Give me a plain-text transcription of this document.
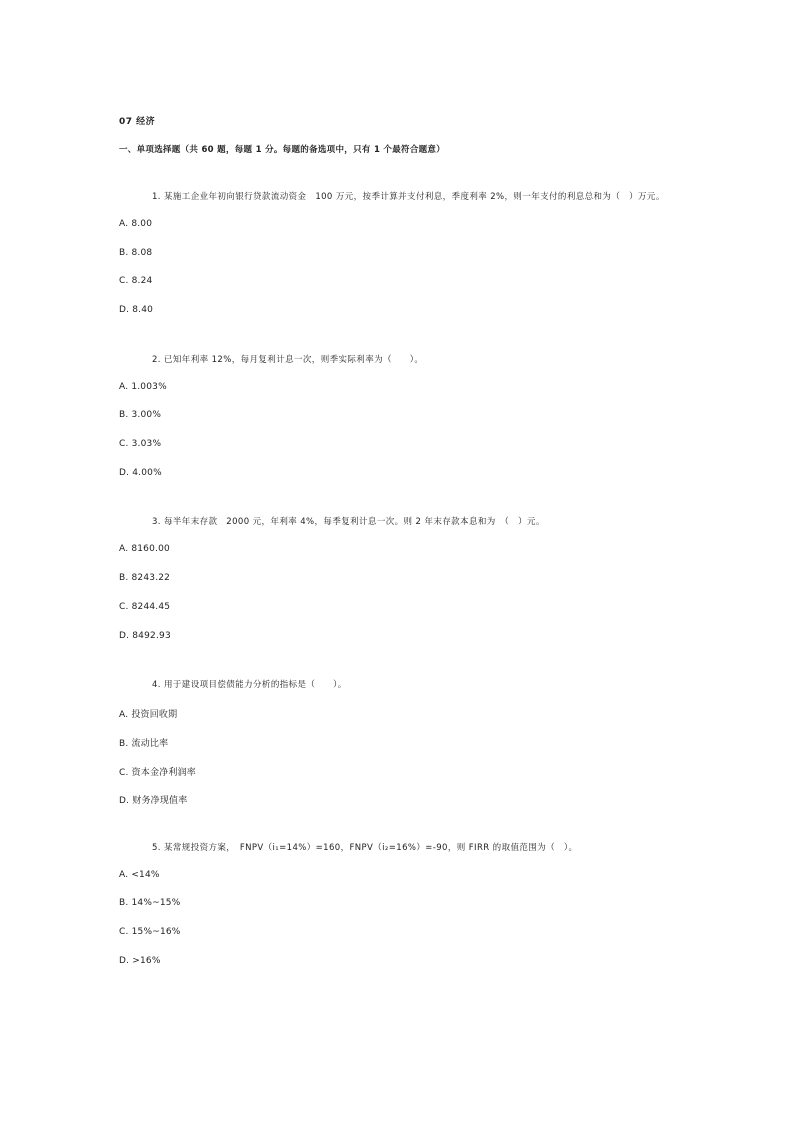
07 经济
一、单项选择题（共 60 题，每题 1 分。每题的备选项中，只有 1 个最符合题意）
1. 某施工企业年初向银行贷款流动资金　100 万元，按季计算并支付利息，季度利率 2%，则一年支付的利息总和为（　）万元。
A. 8.00
B. 8.08
C. 8.24
D. 8.40
2. 已知年利率 12%，每月复利计息一次，则季实际利率为（　　）。
A. 1.003%
B. 3.00%
C. 3.03%
D. 4.00%
3. 每半年末存款　2000 元，年利率 4%，每季复利计息一次。则 2 年末存款本息和为　（　）元。
A. 8160.00
B. 8243.22
C. 8244.45
D. 8492.93
4. 用于建设项目偿债能力分析的指标是（　　）。
A. 投资回收期
B. 流动比率
C. 资本金净利润率
D. 财务净现值率
5. 某常规投资方案，　FNPV（i₁=14%）=160，FNPV（i₂=16%）=-90，则 FIRR 的取值范围为（　）。
A. <14%
B. 14%~15%
C. 15%~16%
D. >16%
